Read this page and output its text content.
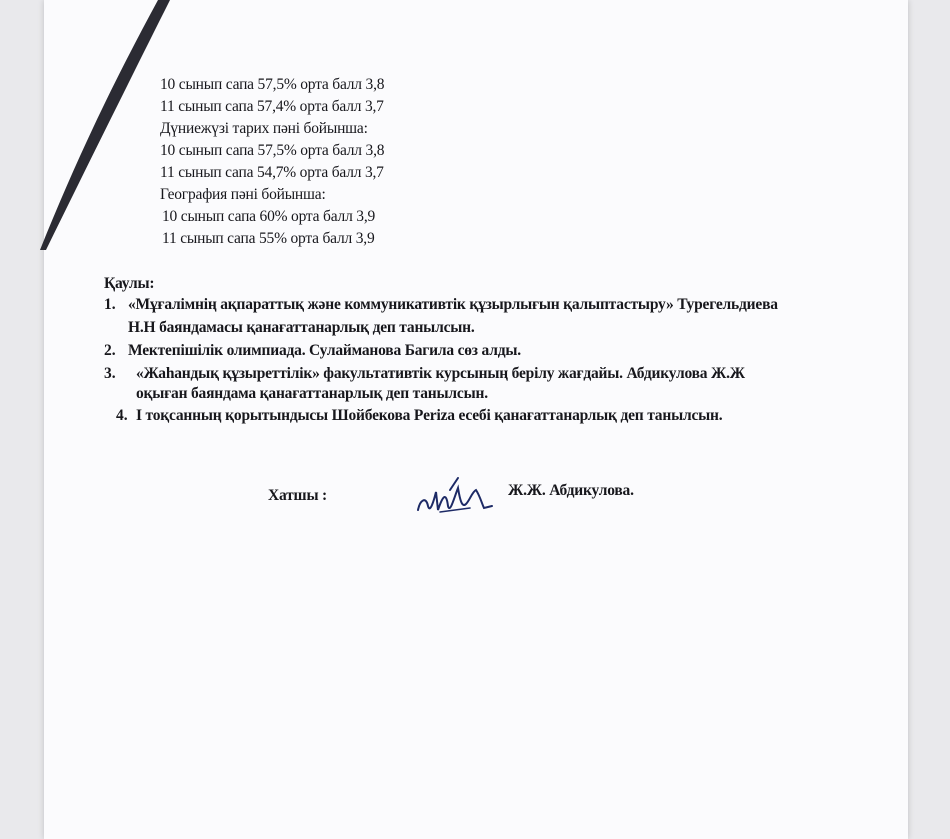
10 сынып сапа 57,5% орта балл 3,8
11 сынып сапа 57,4% орта балл 3,7
Дүниежүзі тарих пәні бойынша:
10 сынып сапа 57,5% орта балл 3,8
11 сынып сапа 54,7% орта балл 3,7
География пәні бойынша:
10 сынып сапа 60% орта балл 3,9
11 сынып сапа 55% орта балл 3,9
Қаулы:
1. «Мұғалімнің ақпараттық және коммуникативтік құзырлығын қалыптастыру» Турегельдиева
Н.Н баяндамасы қанағаттанарлық деп танылсын.
2. Мектепішілік олимпиада. Сулайманова Багила сөз алды.
3. «Жаһандық құзыреттілік» факультативтік курсының берілу жағдайы. Абдикулова Ж.Ж
оқыған баяндама қанағаттанарлық деп танылсын.
4. І тоқсанның қорытындысы Шойбекова Periza есебі қанағаттанарлық деп танылсын.
Хатшы :	Ж.Ж. Абдикулова.
